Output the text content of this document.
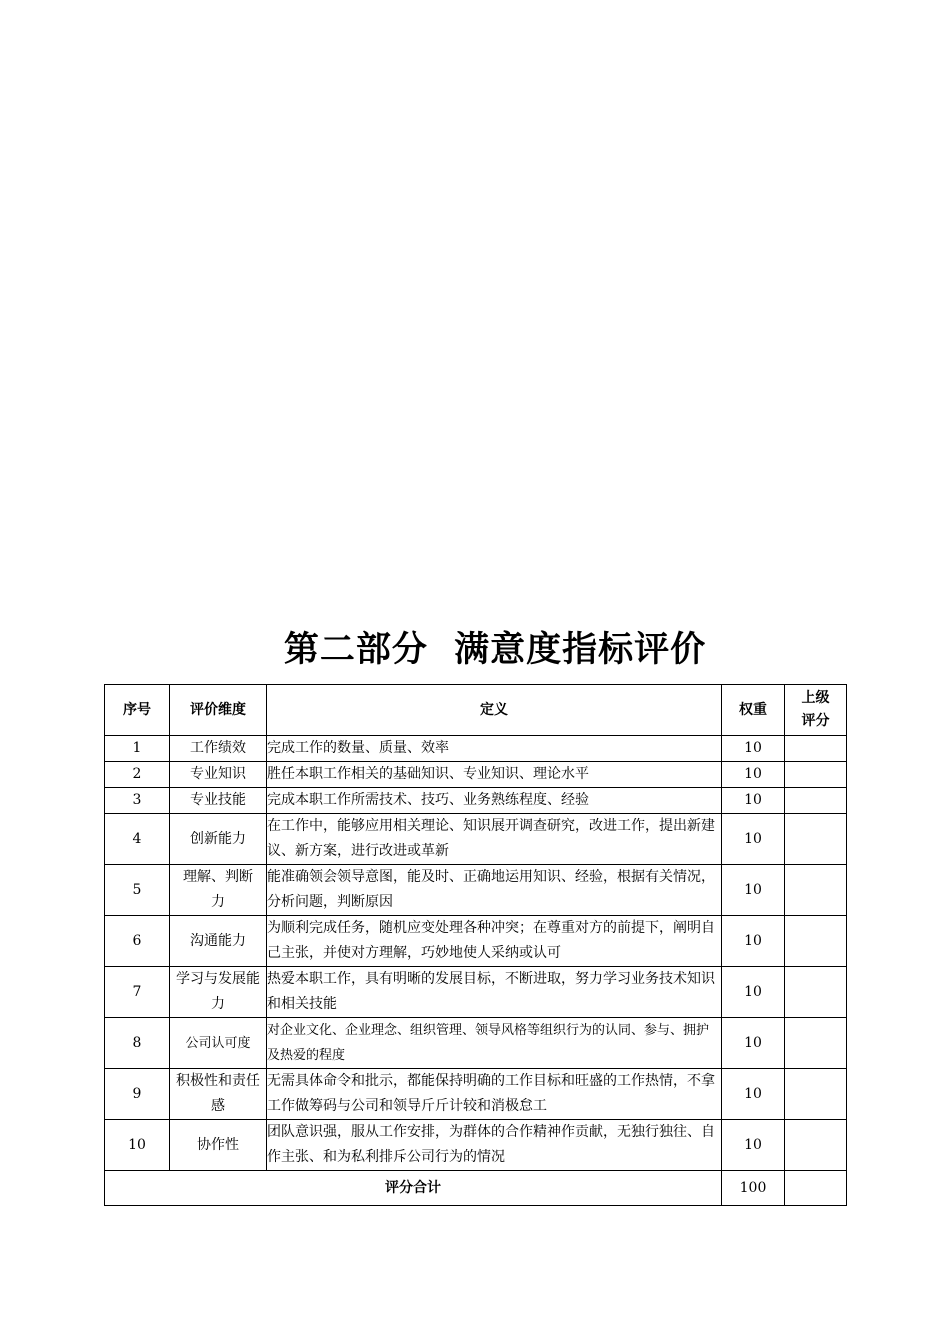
第二部分  满意度指标评价
序号	评价维度	定义	权重	上级评分
1	工作绩效	完成工作的数量、质量、效率	10	
2	专业知识	胜任本职工作相关的基础知识、专业知识、理论水平	10	
3	专业技能	完成本职工作所需技术、技巧、业务熟练程度、经验	10	
4	创新能力	在工作中，能够应用相关理论、知识展开调查研究，改进工作，提出新建议、新方案，进行改进或革新	10	
5	理解、判断力	能准确领会领导意图，能及时、正确地运用知识、经验，根据有关情况，分析问题，判断原因	10	
6	沟通能力	为顺利完成任务，随机应变处理各种冲突；在尊重对方的前提下，阐明自己主张，并使对方理解，巧妙地使人采纳或认可	10	
7	学习与发展能力	热爱本职工作，具有明晰的发展目标，不断进取，努力学习业务技术知识和相关技能	10	
8	公司认可度	对企业文化、企业理念、组织管理、领导风格等组织行为的认同、参与、拥护及热爱的程度	10	
9	积极性和责任感	无需具体命令和批示，都能保持明确的工作目标和旺盛的工作热情，不拿工作做筹码与公司和领导斤斤计较和消极怠工	10	
10	协作性	团队意识强，服从工作安排，为群体的合作精神作贡献，无独行独往、自作主张、和为私利排斥公司行为的情况	10	
评分合计			100	
